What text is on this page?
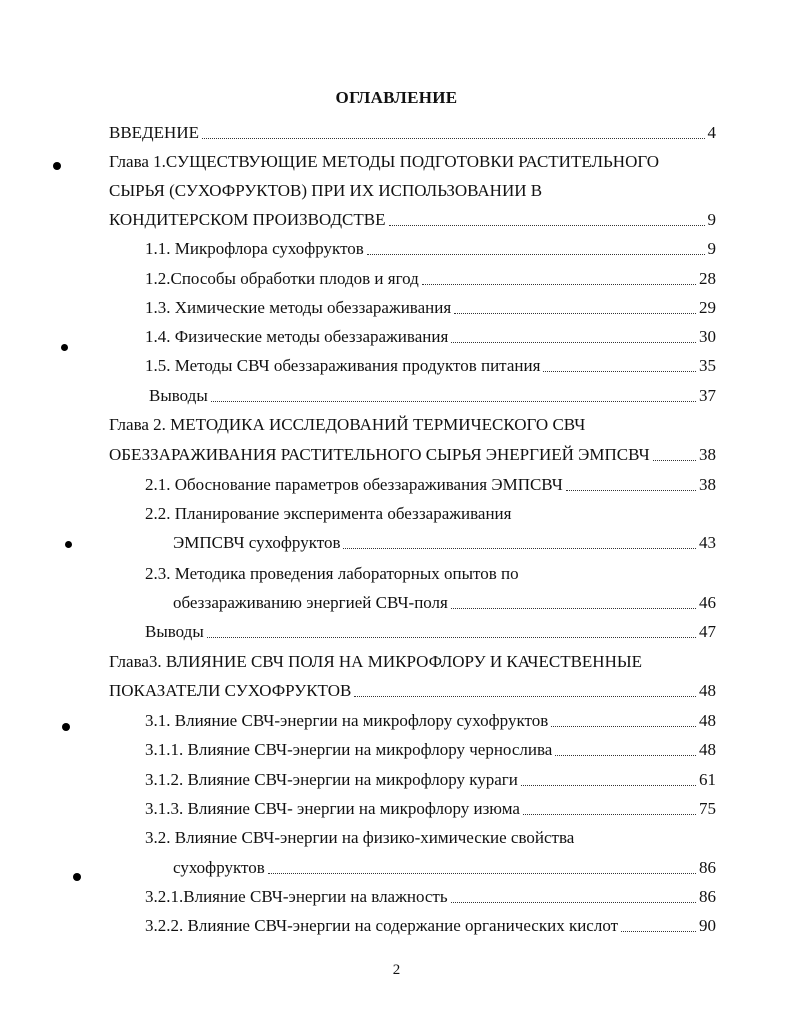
ОГЛАВЛЕНИЕ
ВВЕДЕНИЕ	4
Глава 1.СУЩЕСТВУЮЩИЕ МЕТОДЫ ПОДГОТОВКИ РАСТИТЕЛЬНОГО
СЫРЬЯ (СУХОФРУКТОВ) ПРИ ИХ ИСПОЛЬЗОВАНИИ В
КОНДИТЕРСКОМ ПРОИЗВОДСТВЕ	9
1.1. Микрофлора сухофруктов	9
1.2.Способы обработки плодов и ягод	28
1.3. Химические методы обеззараживания	29
1.4. Физические методы обеззараживания	30
1.5. Методы СВЧ обеззараживания продуктов питания	35
Выводы	37
Глава 2. МЕТОДИКА ИССЛЕДОВАНИЙ ТЕРМИЧЕСКОГО СВЧ
ОБЕЗЗАРАЖИВАНИЯ РАСТИТЕЛЬНОГО СЫРЬЯ ЭНЕРГИЕЙ ЭМПСВЧ	38
2.1. Обоснование параметров обеззараживания ЭМПСВЧ	38
2.2. Планирование эксперимента обеззараживания
ЭМПСВЧ сухофруктов	43
2.3. Методика проведения лабораторных опытов по
обеззараживанию энергией СВЧ-поля	46
Выводы	47
Глава3. ВЛИЯНИЕ СВЧ ПОЛЯ НА МИКРОФЛОРУ И КАЧЕСТВЕННЫЕ
ПОКАЗАТЕЛИ СУХОФРУКТОВ	48
3.1. Влияние СВЧ-энергии на микрофлору сухофруктов	48
3.1.1. Влияние СВЧ-энергии на микрофлору чернослива	48
3.1.2. Влияние СВЧ-энергии на микрофлору кураги	61
3.1.3. Влияние СВЧ- энергии на микрофлору изюма	75
3.2. Влияние СВЧ-энергии на физико-химические свойства
сухофруктов	86
3.2.1.Влияние СВЧ-энергии на влажность	86
3.2.2. Влияние СВЧ-энергии на содержание органических кислот	90
2
